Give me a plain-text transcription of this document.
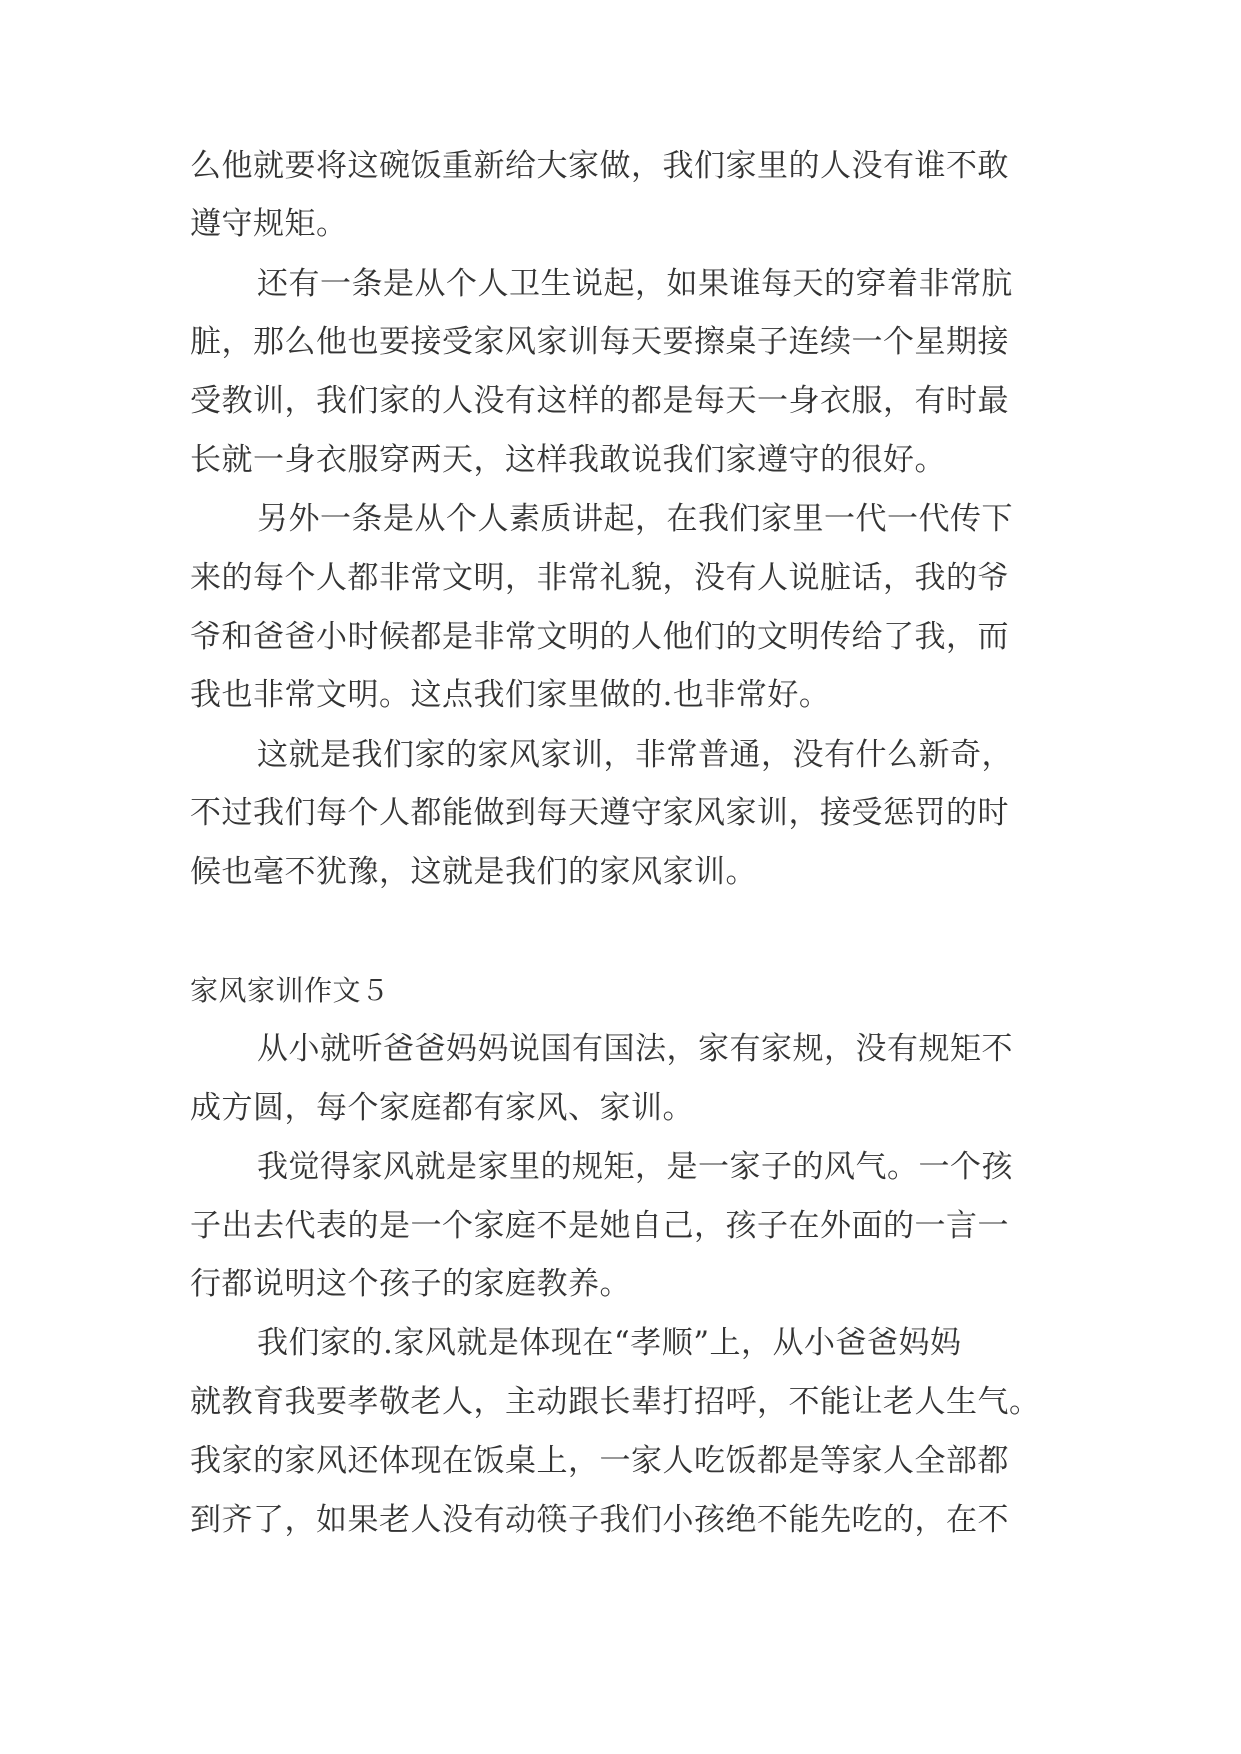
么他就要将这碗饭重新给大家做，我们家里的人没有谁不敢
遵守规矩。
还有一条是从个人卫生说起，如果谁每天的穿着非常肮
脏，那么他也要接受家风家训每天要擦桌子连续一个星期接
受教训，我们家的人没有这样的都是每天一身衣服，有时最
长就一身衣服穿两天，这样我敢说我们家遵守的很好。
另外一条是从个人素质讲起，在我们家里一代一代传下
来的每个人都非常文明，非常礼貌，没有人说脏话，我的爷
爷和爸爸小时候都是非常文明的人他们的文明传给了我，而
我也非常文明。这点我们家里做的.也非常好。
这就是我们家的家风家训，非常普通，没有什么新奇，
不过我们每个人都能做到每天遵守家风家训，接受惩罚的时
候也毫不犹豫，这就是我们的家风家训。
家风家训作文５
从小就听爸爸妈妈说国有国法，家有家规，没有规矩不
成方圆，每个家庭都有家风、家训。
我觉得家风就是家里的规矩，是一家子的风气。一个孩
子出去代表的是一个家庭不是她自己，孩子在外面的一言一
行都说明这个孩子的家庭教养。
我们家的.家风就是体现在“孝顺”上，从小爸爸妈妈
就教育我要孝敬老人，主动跟长辈打招呼，不能让老人生气。
我家的家风还体现在饭桌上，一家人吃饭都是等家人全部都
到齐了，如果老人没有动筷子我们小孩绝不能先吃的，在不
